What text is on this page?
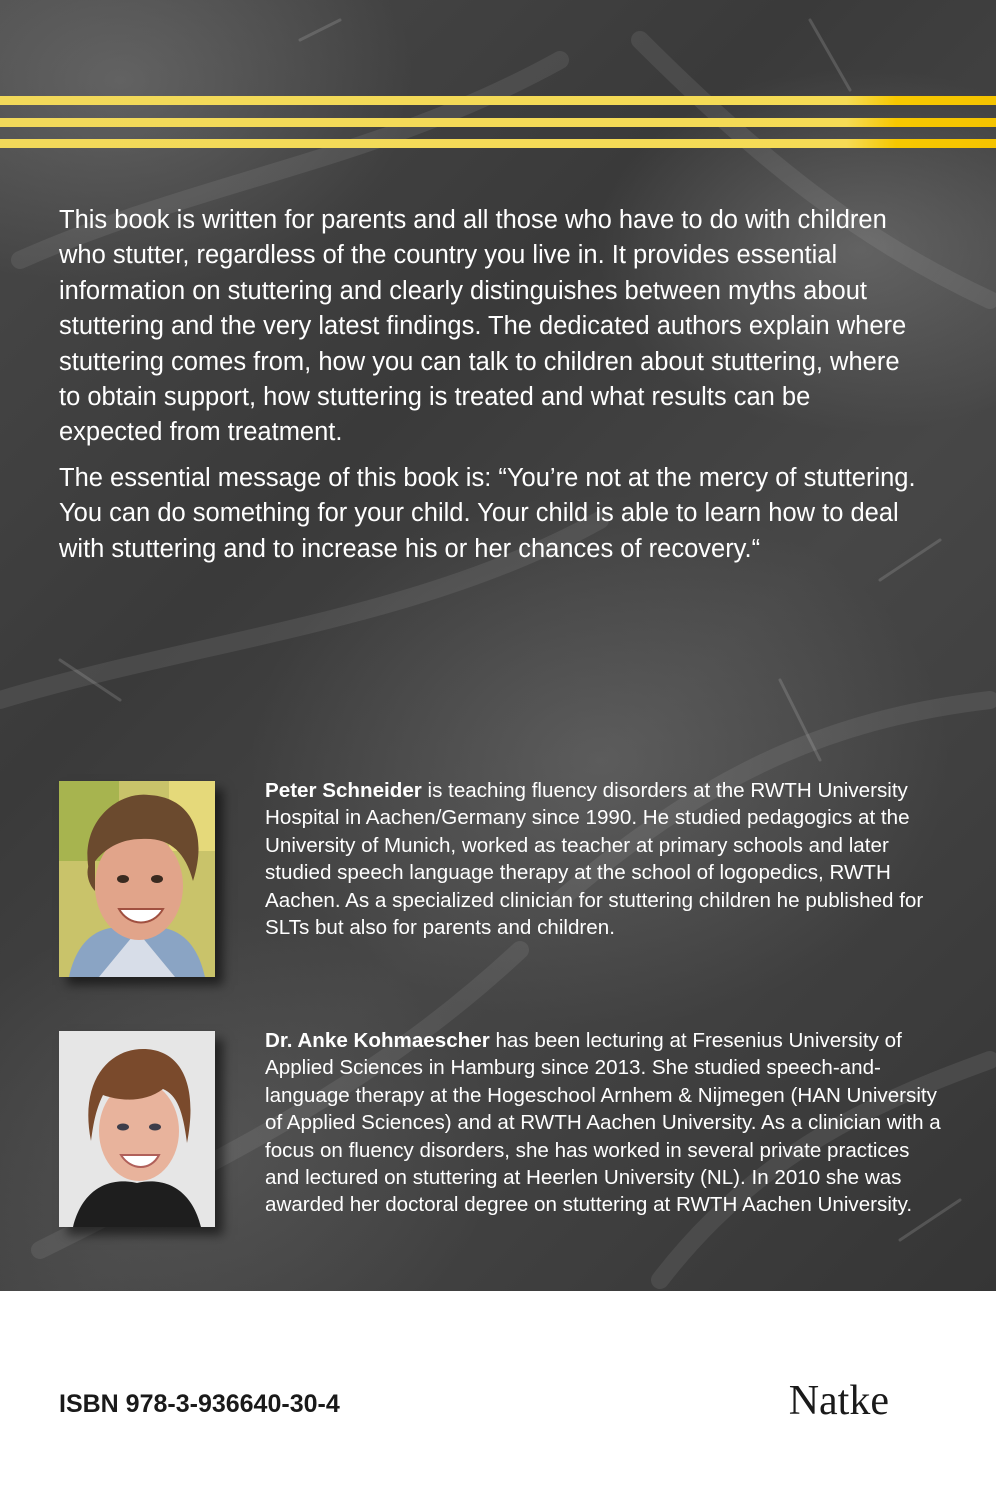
This book is written for parents and all those who have to do with children who stutter, regardless of the country you live in. It provides essential information on stuttering and clearly distinguishes between myths about stuttering and the very latest findings. The dedicated authors explain where stuttering comes from, how you can talk to children about stuttering, where to obtain support, how stuttering is treated and what results can be expected from treatment.

The essential message of this book is: “You’re not at the mercy of stuttering. You can do something for your child. Your child is able to learn how to deal with stuttering and to increase his or her chances of recovery.“

Peter Schneider is teaching fluency disorders at the RWTH University Hospital in Aachen/Germany since 1990. He studied pedagogics at the University of Munich, worked as teacher at primary schools and later studied speech language therapy at the school of logopedics, RWTH Aachen. As a specialized clinician for stuttering children he published for SLTs but also for parents and children.
Dr. Anke Kohmaescher has been lecturing at Fresenius University of Applied Sciences in Hamburg since 2013. She studied speech-and-language therapy at the Hogeschool Arnhem & Nijmegen (HAN University of Applied Sciences) and at RWTH Aachen University. As a clinician with a focus on fluency disorders, she has worked in several private practices and lectured on stuttering at Heerlen University (NL). In 2010 she was awarded her doctoral degree on stuttering at RWTH Aachen University.
ISBN 978-3-936640-30-4	Natke
